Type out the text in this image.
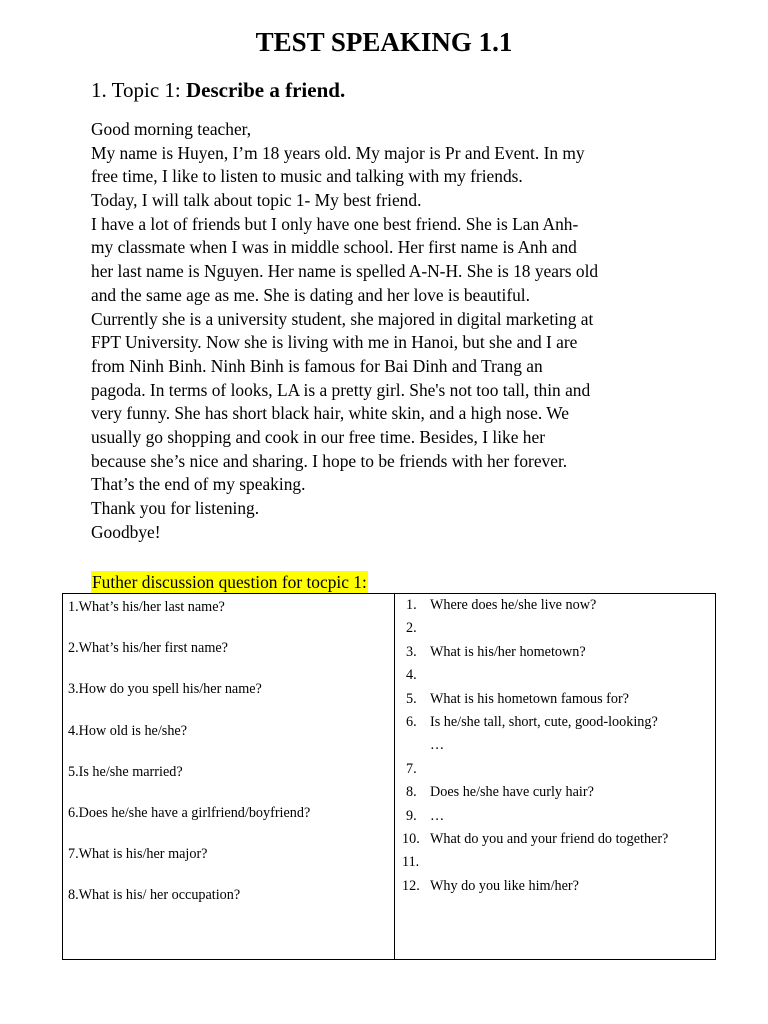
TEST SPEAKING 1.1
1. Topic 1: Describe a friend.
Good morning teacher,
My name is Huyen, I’m 18 years old. My major is Pr and Event. In my
free time, I like to listen to music and talking with my friends.
Today, I will talk about topic 1- My best friend.
I have a lot of friends but I only have one best friend. She is Lan Anh-
my classmate when I was in middle school. Her first name is Anh and
her last name is Nguyen. Her name is spelled A-N-H. She is 18 years old
and the same age as me. She is dating and her love is beautiful.
Currently she is a university student, she majored in digital marketing at
FPT University. Now she is living with me in Hanoi, but she and I are
from Ninh Binh. Ninh Binh is famous for Bai Dinh and Trang an
pagoda. In terms of looks, LA is a pretty girl. She's not too tall, thin and
very funny. She has short black hair, white skin, and a high nose. We
usually go shopping and cook in our free time. Besides, I like her
because she’s nice and sharing. I hope to be friends with her forever.
That’s the end of my speaking.
Thank you for listening.
Goodbye!
Futher discussion question for tocpic 1:
1.What’s his/her last name?
2.What’s his/her first name?
3.How do you spell his/her name?
4.How old is he/she?
5.Is he/she married?
6.Does he/she have a girlfriend/boyfriend?
7.What is his/her major?
8.What is his/ her occupation?
1. Where does he/she live now?
2.

3. What is his/her hometown?
4.

5. What is his hometown famous for?
6. Is he/she tall, short, cute, good-looking? …
7.

8. Does he/she have curly hair?
9. …
10. What do you and your friend do together?
11.

12. Why do you like him/her?
